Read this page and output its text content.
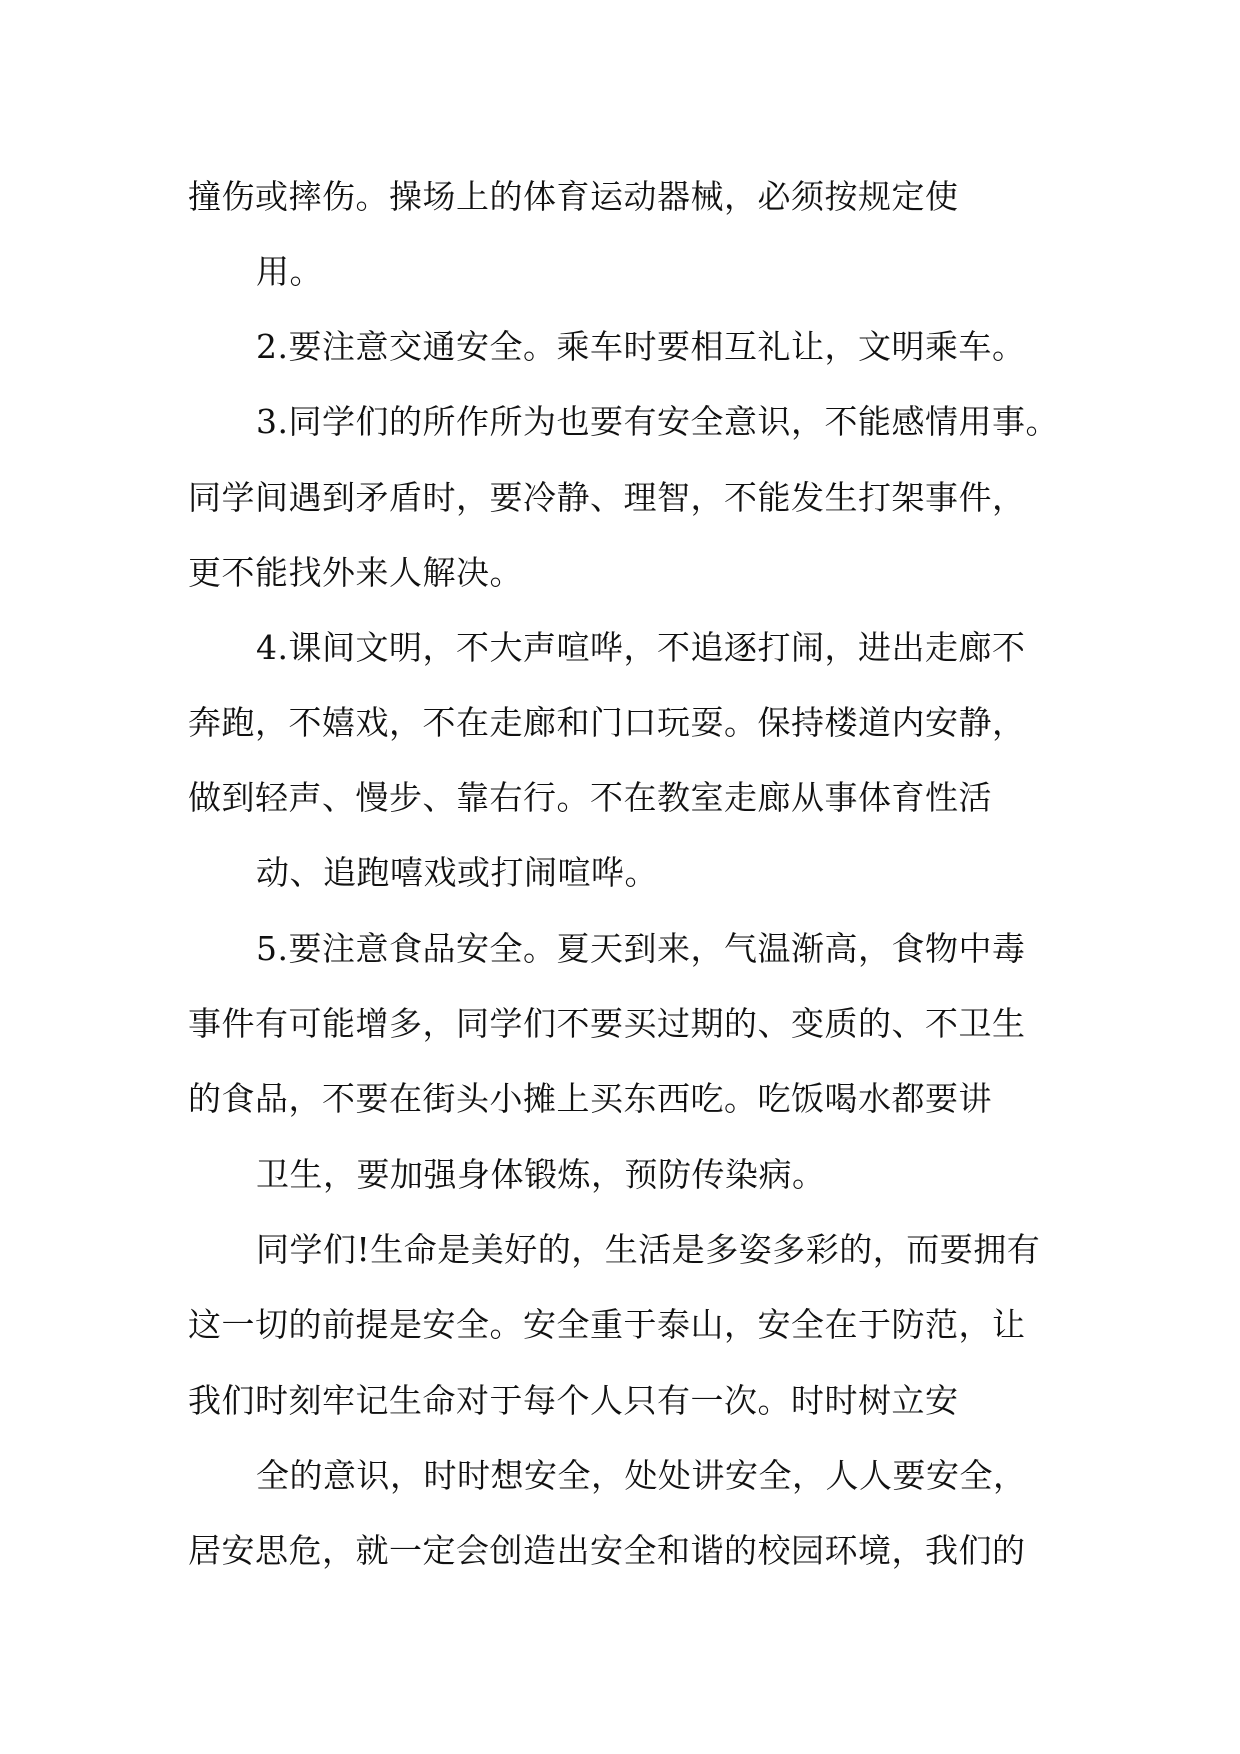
撞伤或摔伤。操场上的体育运动器械，必须按规定使
用。
2.要注意交通安全。乘车时要相互礼让，文明乘车。
3.同学们的所作所为也要有安全意识，不能感情用事。
同学间遇到矛盾时，要冷静、理智，不能发生打架事件，
更不能找外来人解决。
4.课间文明，不大声喧哗，不追逐打闹，进出走廊不
奔跑，不嬉戏，不在走廊和门口玩耍。保持楼道内安静，
做到轻声、慢步、靠右行。不在教室走廊从事体育性活
动、追跑嘻戏或打闹喧哗。
5.要注意食品安全。夏天到来，气温渐高，食物中毒
事件有可能增多，同学们不要买过期的、变质的、不卫生
的食品，不要在街头小摊上买东西吃。吃饭喝水都要讲
卫生，要加强身体锻炼，预防传染病。
同学们!生命是美好的，生活是多姿多彩的，而要拥有
这一切的前提是安全。安全重于泰山，安全在于防范，让
我们时刻牢记生命对于每个人只有一次。时时树立安
全的意识，时时想安全，处处讲安全，人人要安全，
居安思危，就一定会创造出安全和谐的校园环境，我们的
